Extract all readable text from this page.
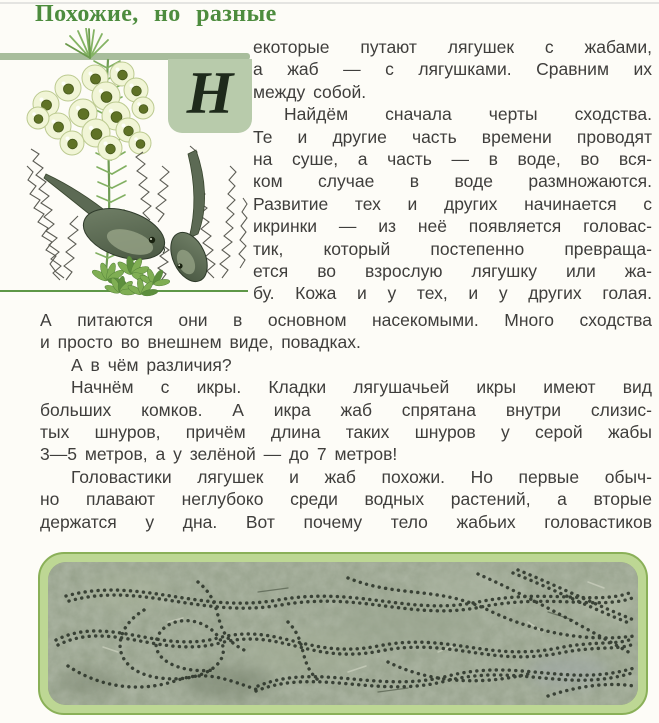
Похожие, но разные
Н
екоторые путают лягушек с жабами,
а жаб — с лягушками. Сравним их
между собой.
Найдём сначала черты сходства.
Те и другие часть времени проводят
на суше, а часть — в воде, во вся-
ком случае в воде размножаются.
Развитие тех и других начинается с
икринки — из неё появляется головас-
тик, который постепенно превраща-
ется во взрослую лягушку или жа-
бу. Кожа и у тех, и у других голая.
А питаются они в основном насекомыми. Много сходства
и просто во внешнем виде, повадках.
А в чём различия?
Начнём с икры. Кладки лягушачьей икры имеют вид
больших комков. А икра жаб спрятана внутри слизис-
тых шнуров, причём длина таких шнуров у серой жабы
3—5 метров, а у зелёной — до 7 метров!
Головастики лягушек и жаб похожи. Но первые обыч-
но плавают неглубоко среди водных растений, а вторые
держатся у дна. Вот почему тело жабьих головастиков
